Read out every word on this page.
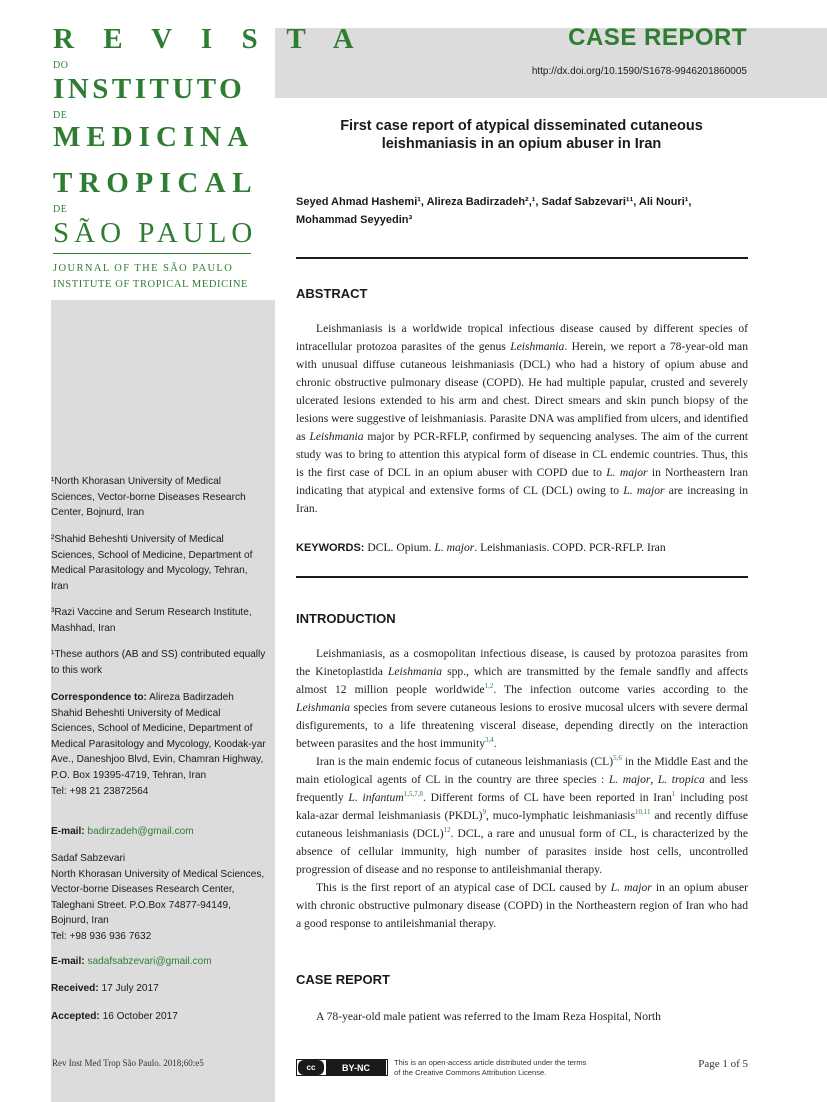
R E V I S T A
DO
INSTITUTO
DE
MEDICINA
TROPICAL
DE
SÃO PAULO
JOURNAL OF THE SÃO PAULO
INSTITUTE OF TROPICAL MEDICINE
CASE REPORT
http://dx.doi.org/10.1590/S1678-9946201860005
First case report of atypical disseminated cutaneous
leishmaniasis in an opium abuser in Iran
Seyed Ahmad Hashemi¹, Alireza Badirzadeh²,¹, Sadaf Sabzevari¹¹, Ali Nouri¹, Mohammad Seyyedin³
ABSTRACT

Leishmaniasis is a worldwide tropical infectious disease caused by different species of intracellular protozoa parasites of the genus Leishmania. Herein, we report a 78-year-old man with unusual diffuse cutaneous leishmaniasis (DCL) who had a history of opium abuse and chronic obstructive pulmonary disease (COPD). He had multiple papular, crusted and severely ulcerated lesions extended to his arm and chest. Direct smears and skin punch biopsy of the lesions were suggestive of leishmaniasis. Parasite DNA was amplified from ulcers, and identified as Leishmania major by PCR-RFLP, confirmed by sequencing analyses. The aim of the current study was to bring to attention this atypical form of disease in CL endemic countries. Thus, this is the first case of DCL in an opium abuser with COPD due to L. major in Northeastern Iran indicating that atypical and extensive forms of CL (DCL) owing to L. major are increasing in Iran.

KEYWORDS: DCL. Opium. L. major. Leishmaniasis. COPD. PCR-RFLP. Iran
INTRODUCTION

Leishmaniasis, as a cosmopolitan infectious disease, is caused by protozoa parasites from the Kinetoplastida Leishmania spp., which are transmitted by the female sandfly and affects almost 12 million people worldwide$^{1,2}$. The infection outcome varies according to the Leishmania species from severe cutaneous lesions to erosive mucosal ulcers with severe dermal disfigurements, to a life threatening visceral disease, depending directly on the interaction between parasites and the host immunity$^{3,4}$.

Iran is the main endemic focus of cutaneous leishmaniasis (CL)$^{5,6}$ in the Middle East and the main etiological agents of CL in the country are three species : L. major, L. tropica and less frequently L. infantum$^{1,5,7,8}$. Different forms of CL have been reported in Iran$^1$ including post kala-azar dermal leishmaniasis (PKDL)$^9$, muco-lymphatic leishmaniasis$^{10,11}$ and recently diffuse cutaneous leishmaniasis (DCL)$^{12}$. DCL, a rare and unusual form of CL, is characterized by the absence of cellular immunity, high number of parasites inside host cells, uncontrolled progression of disease and no response to antileishmanial therapy.

This is the first report of an atypical case of DCL caused by L. major in an opium abuser with chronic obstructive pulmonary disease (COPD) in the Northeastern region of Iran who had a good response to antileishmanial therapy.

CASE REPORT

A 78-year-old male patient was referred to the Imam Reza Hospital, North

¹North Khorasan University of Medical Sciences, Vector-borne Diseases Research Center, Bojnurd, Iran
²Shahid Beheshti University of Medical Sciences, School of Medicine, Department of Medical Parasitology and Mycology, Tehran, Iran
³Razi Vaccine and Serum Research Institute, Mashhad, Iran
¹These authors (AB and SS) contributed equally to this work
Correspondence to: Alireza Badirzadeh
Shahid Beheshti University of Medical Sciences, School of Medicine, Department of Medical Parasitology and Mycology, Koodak-yar Ave., Daneshjoo Blvd, Evin, Chamran Highway, P.O. Box 19395-4719, Tehran, Iran
Tel: +98 21 23872564
E-mail: badirzadeh@gmail.com
Sadaf Sabzevari
North Khorasan University of Medical Sciences, Vector-borne Diseases Research Center, Taleghani Street. P.O.Box 74877-94149, Bojnurd, Iran
Tel: +98 936 936 7632
E-mail: sadafsabzevari@gmail.com
Received: 17 July 2017
Accepted: 16 October 2017
Rev Inst Med Trop São Paulo. 2018;60:e5	cc	BY-NC	This is an open-access article distributed under the terms of the Creative Commons Attribution License.
Page 1 of 5
